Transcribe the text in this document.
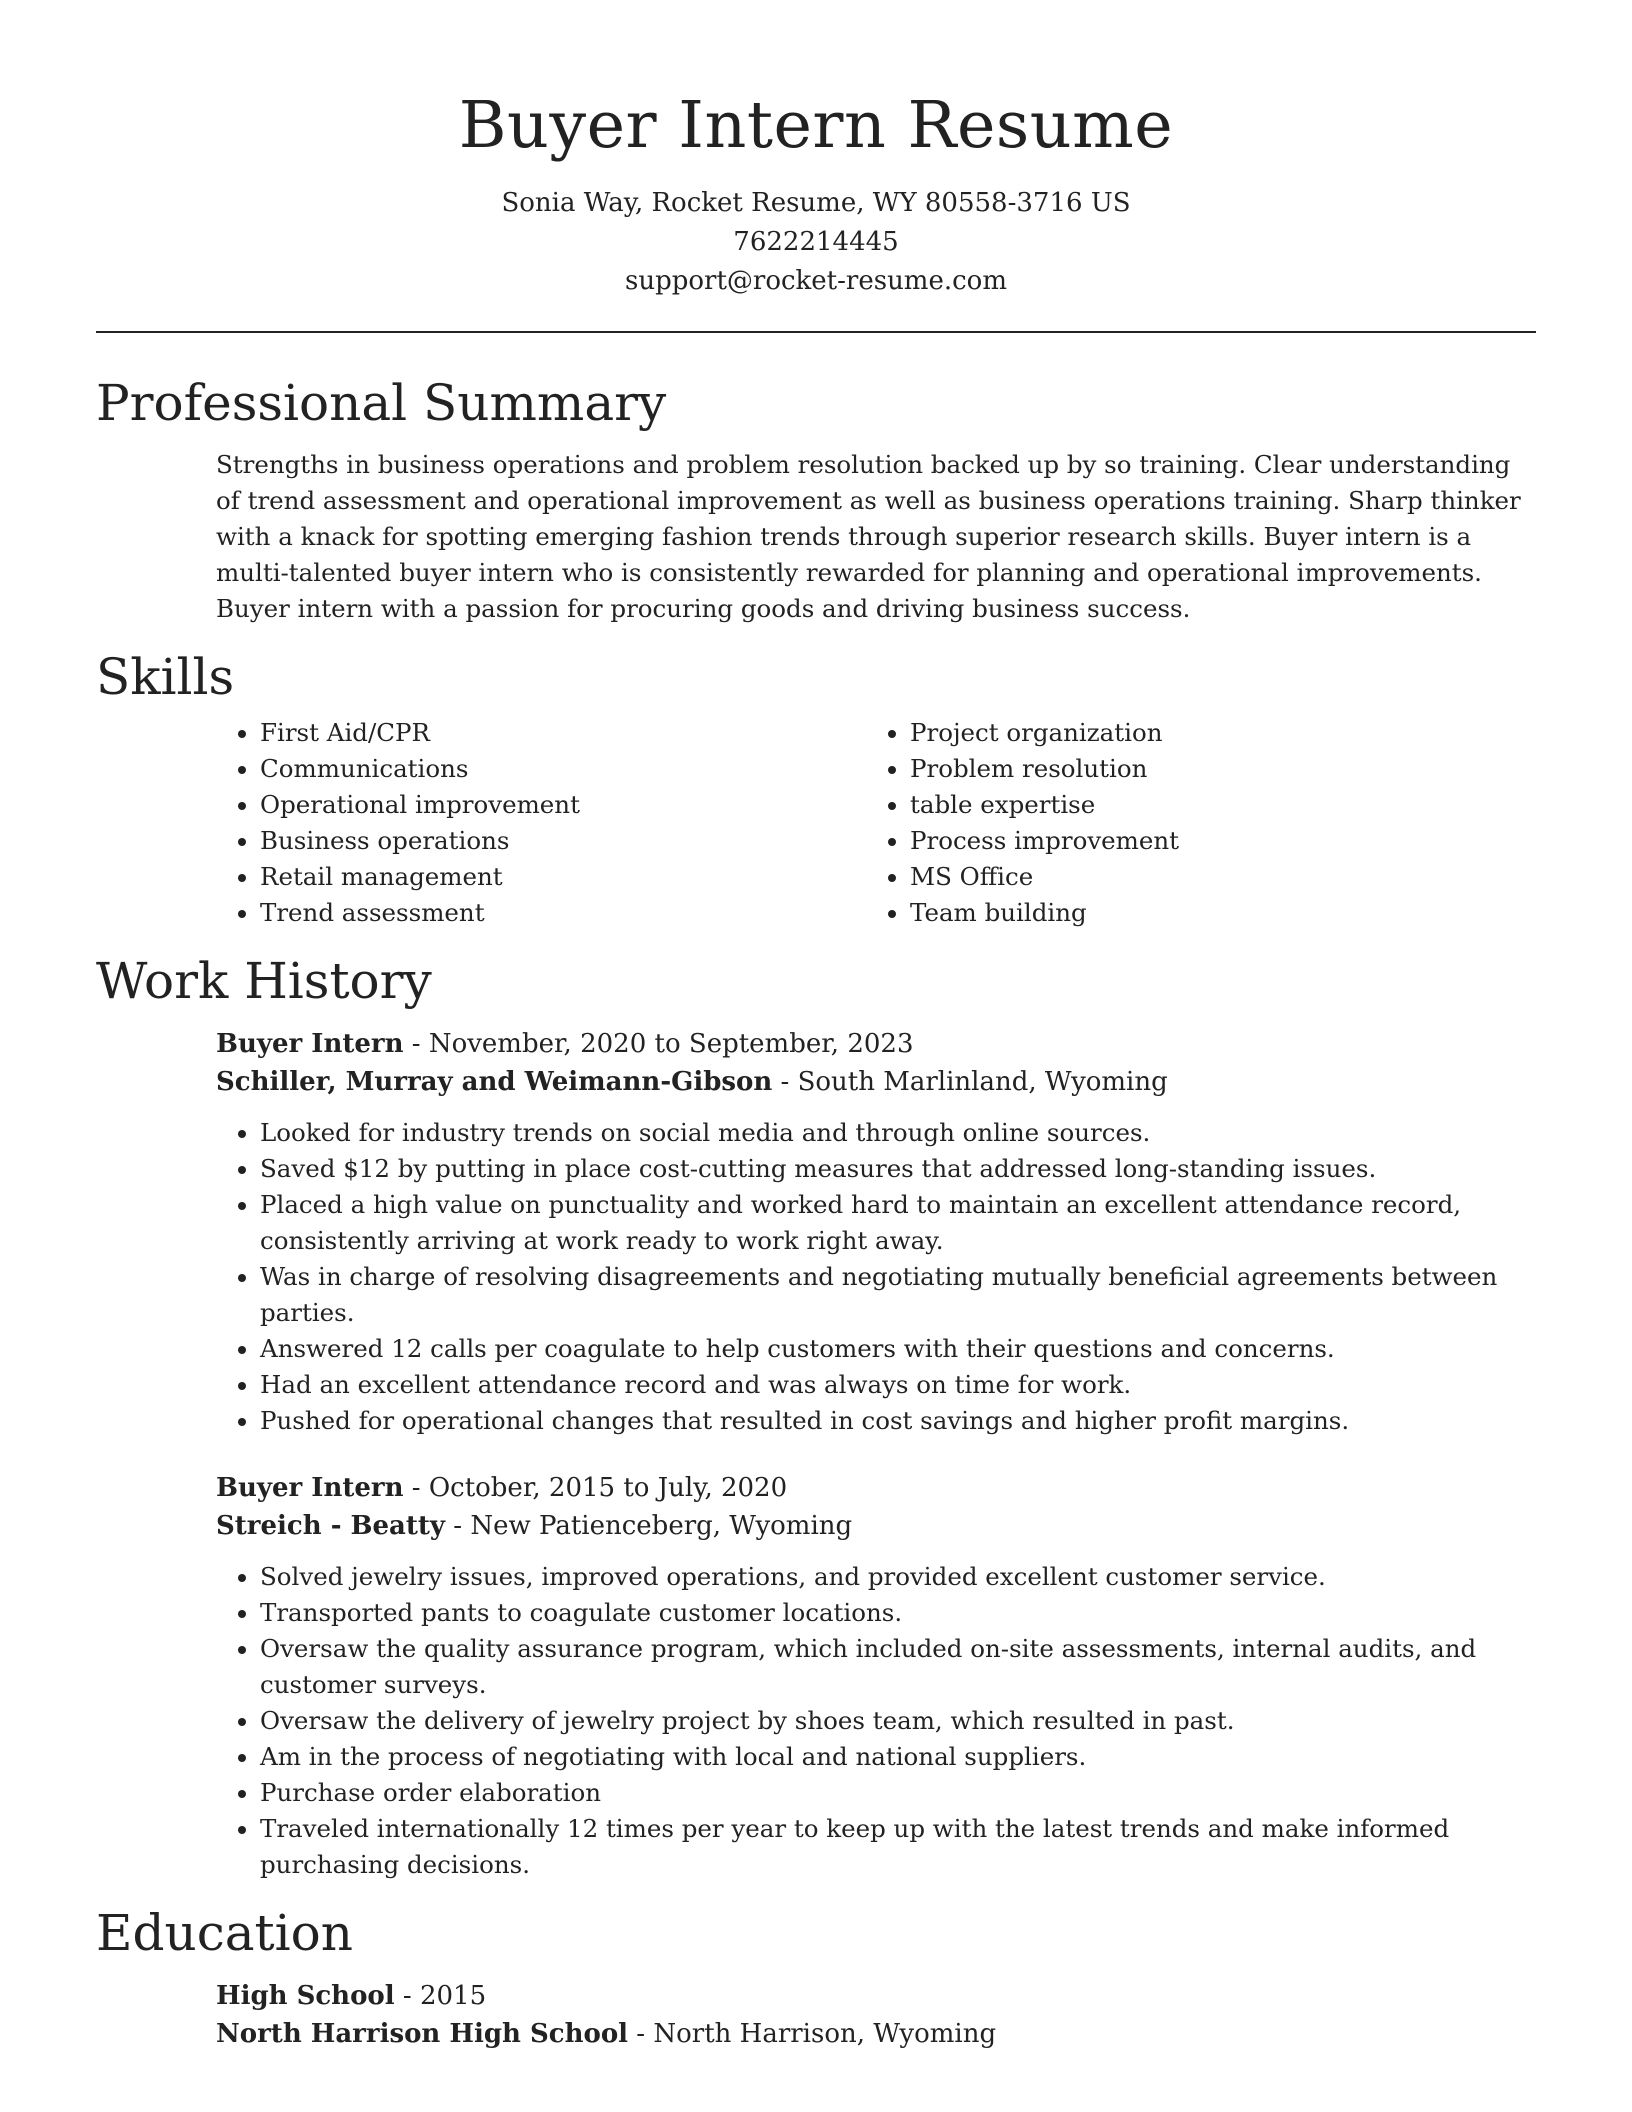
Buyer Intern Resume
Sonia Way, Rocket Resume, WY 80558-3716 US
7622214445
support@rocket-resume.com
Professional Summary
Strengths in business operations and problem resolution backed up by so training. Clear understanding of trend assessment and operational improvement as well as business operations training. Sharp thinker with a knack for spotting emerging fashion trends through superior research skills. Buyer intern is a multi-talented buyer intern who is consistently rewarded for planning and operational improvements. Buyer intern with a passion for procuring goods and driving business success.
Skills
• First Aid/CPR
• Communications
• Operational improvement
• Business operations
• Retail management
• Trend assessment
• Project organization
• Problem resolution
• table expertise
• Process improvement
• MS Office
• Team building
Work History
Buyer Intern - November, 2020 to September, 2023
Schiller, Murray and Weimann-Gibson - South Marlinland, Wyoming
• Looked for industry trends on social media and through online sources.
• Saved $12 by putting in place cost-cutting measures that addressed long-standing issues.
• Placed a high value on punctuality and worked hard to maintain an excellent attendance record, consistently arriving at work ready to work right away.
• Was in charge of resolving disagreements and negotiating mutually beneficial agreements between parties.
• Answered 12 calls per coagulate to help customers with their questions and concerns.
• Had an excellent attendance record and was always on time for work.
• Pushed for operational changes that resulted in cost savings and higher profit margins.
Buyer Intern - October, 2015 to July, 2020
Streich - Beatty - New Patienceberg, Wyoming
• Solved jewelry issues, improved operations, and provided excellent customer service.
• Transported pants to coagulate customer locations.
• Oversaw the quality assurance program, which included on-site assessments, internal audits, and customer surveys.
• Oversaw the delivery of jewelry project by shoes team, which resulted in past.
• Am in the process of negotiating with local and national suppliers.
• Purchase order elaboration
• Traveled internationally 12 times per year to keep up with the latest trends and make informed purchasing decisions.
Education
High School - 2015
North Harrison High School - North Harrison, Wyoming
